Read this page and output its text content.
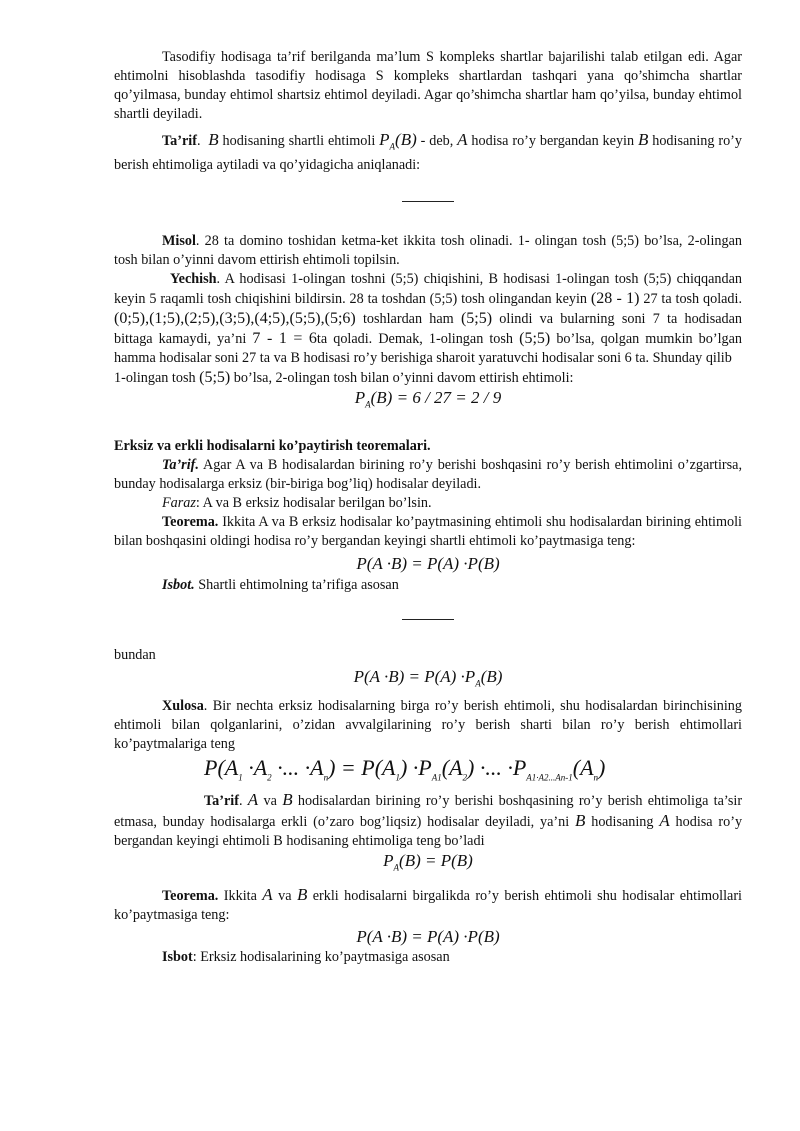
Tasodifiy hodisaga ta’rif berilganda ma’lum S kompleks shartlar bajarilishi talab etilgan edi. Agar ehtimolni hisoblashda tasodifiy hodisaga S kompleks shartlardan tashqari yana qo’shimcha shartlar qo’yilmasa, bunday ehtimol shartsiz ehtimol deyiladi. Agar qo’shimcha shartlar ham qo’yilsa, bunday ehtimol shartli deyiladi.

Ta’rif.  B hodisaning shartli ehtimoli $P_A(B)$ - deb, A hodisa ro’y bergandan keyin B hodisaning ro’y berish ehtimoliga aytiladi va qo’yidagicha aniqlanadi:

Misol. 28 ta domino toshidan ketma-ket ikkita tosh olinadi. 1- olingan tosh (5;5) bo’lsa, 2-olingan tosh bilan o’yinni davom ettirish ehtimoli topilsin.

Yechish. A hodisasi 1-olingan toshni (5;5) chiqishini, B hodisasi 1-olingan tosh (5;5) chiqqandan keyin 5 raqamli tosh chiqishini bildirsin. 28 ta toshdan (5;5) tosh olingandan keyin (28 - 1) 27 ta tosh qoladi. (0;5),(1;5),(2;5),(3;5),(4;5),(5;5),(5;6) toshlardan ham (5;5) olindi va bularning soni 7 ta hodisadan bittaga kamaydi, ya’ni 7 - 1 = 6ta qoladi. Demak, 1-olingan tosh (5;5) bo’lsa, qolgan mumkin bo’lgan hamma hodisalar soni 27 ta va B hodisasi ro’y berishiga sharoit yaratuvchi hodisalar soni 6 ta. Shunday qilib

1-olingan tosh (5;5) bo’lsa, 2-olingan tosh bilan o’yinni davom ettirish ehtimoli:

$P_A(B) = 6 / 27 = 2 / 9$

Erksiz va erkli hodisalarni ko’paytirish teoremalari.

Ta’rif. Agar A va B hodisalardan birining ro’y berishi boshqasini ro’y berish ehtimolini o’zgartirsa, bunday hodisalarga erksiz (bir-biriga bog’liq) hodisalar deyiladi.

Faraz: A va B erksiz hodisalar berilgan bo’lsin.

Teorema. Ikkita A va B erksiz hodisalar ko’paytmasining ehtimoli shu hodisalardan birining ehtimoli bilan boshqasini oldingi hodisa ro’y bergandan keyingi shartli ehtimoli ko’paytmasiga teng:

P(A ·B) = P(A) ·P(B)

Isbot. Shartli ehtimolning ta’rifiga asosan

bundan

$P(A \cdot B) = P(A) \cdot P_A(B)$

Xulosa. Bir nechta erksiz hodisalarning birga ro’y berish ehtimoli, shu hodisalardan birinchisining ehtimoli bilan qolganlarini, o’zidan avvalgilarining ro’y berish sharti bilan ro’y berish ehtimollari ko’paytmalariga teng

$P(A_1 \cdot A_2$ ·... $\cdot A_n) = P(A_1) \cdot P_{A1}(A_2)$ ·... $\cdot P_{A1\cdot A2...An-1}(A_n)$

Ta’rif. A va B hodisalardan birining ro’y berishi boshqasining ro’y berish ehtimoliga ta’sir etmasa, bunday hodisalarga erkli (o’zaro bog’liqsiz) hodisalar deyiladi, ya’ni B hodisaning A hodisa ro’y bergandan keyingi ehtimoli B hodisaning ehtimoliga teng bo’ladi

$P_A(B) = P(B)$

Teorema. Ikkita A va B erkli hodisalarni birgalikda ro’y berish ehtimoli shu hodisalar ehtimollari ko’paytmasiga teng:

P(A ·B) = P(A) ·P(B)

Isbot: Erksiz hodisalarining ko’paytmasiga asosan
